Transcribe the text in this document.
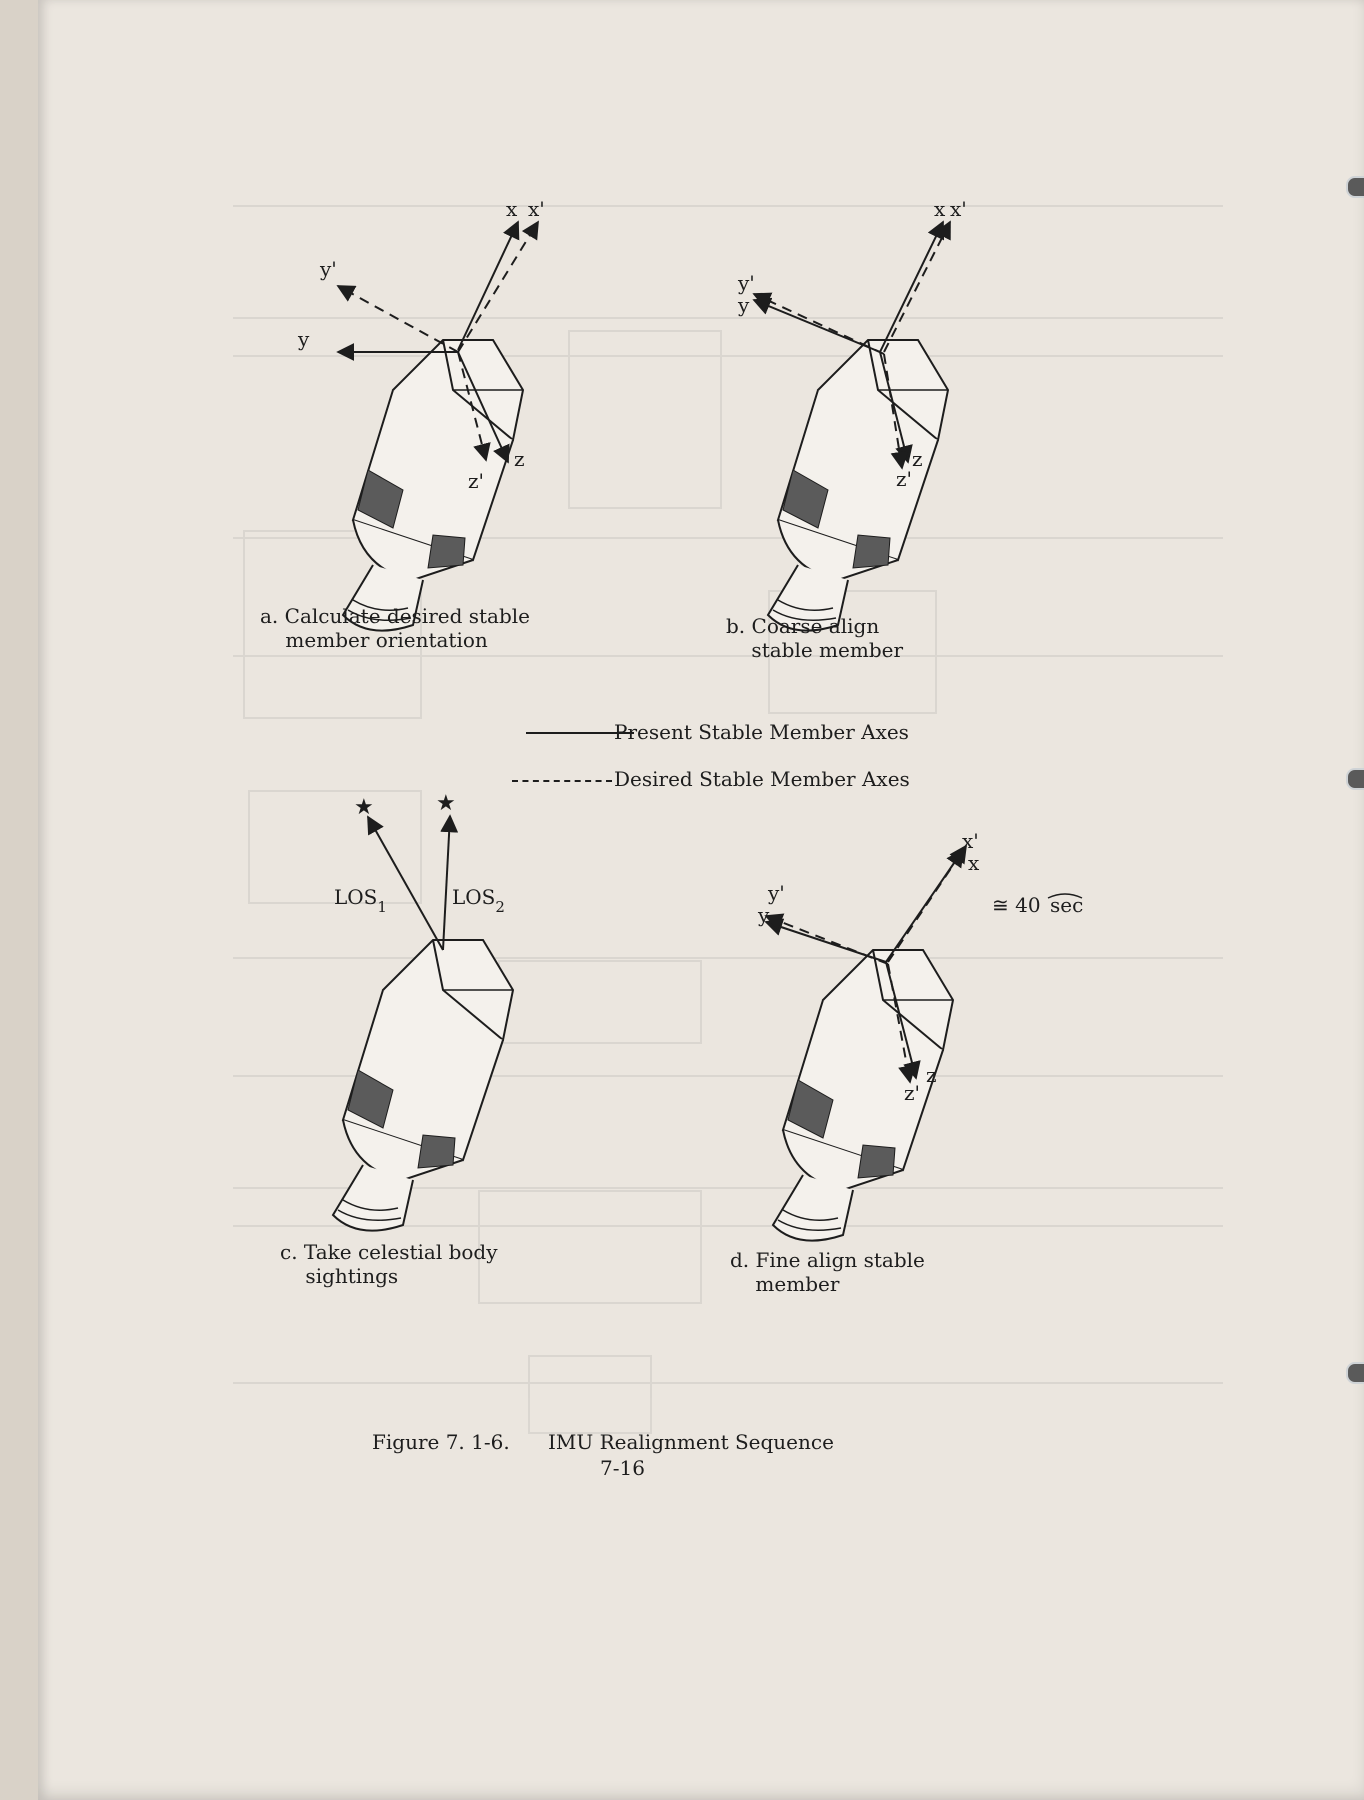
x x'
y'
y
z
z'
x x'
y'
y
z
z'
★	★
$LOS_1$	$LOS_2$
x'
x
y'
y
z
z'
≅ 40 sec
a. Calculate desired stable
member orientation
b. Coarse align
stable member
c. Take celestial body
sightings
d. Fine align stable
member
Present Stable Member Axes
Desired Stable Member Axes
Figure 7. 1-6. IMU Realignment Sequence
7-16
